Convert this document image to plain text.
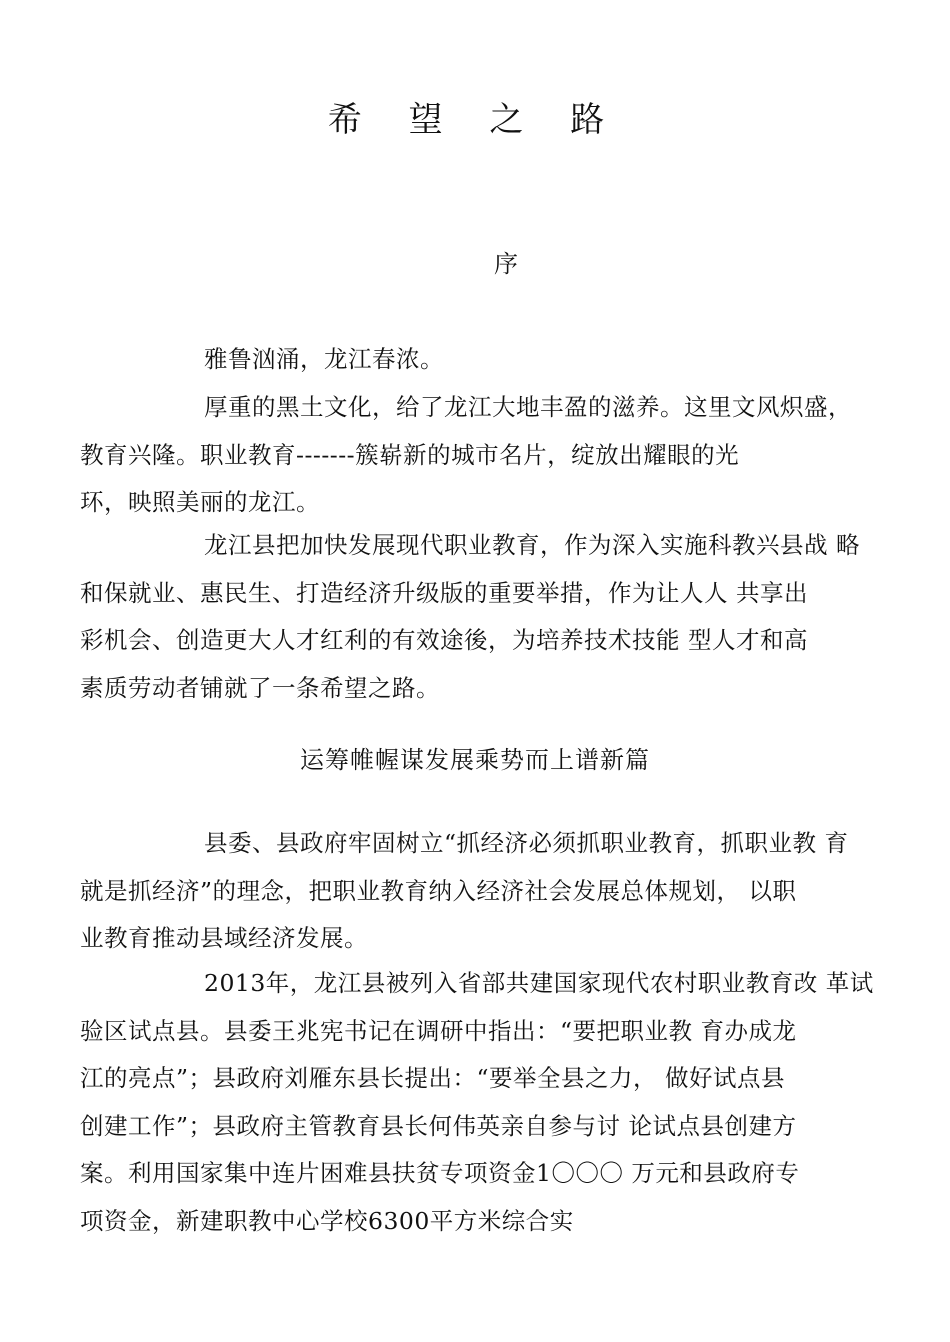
希 望 之 路
序
雅鲁汹涌，龙江春浓。
厚重的黑土文化，给了龙江大地丰盈的滋养。这里文风炽盛，
教育兴隆。职业教育-------簇崭新的城市名片，绽放出耀眼的光
环，映照美丽的龙江。
龙江县把加快发展现代职业教育，作为深入实施科教兴县战 略
和保就业、惠民生、打造经济升级版的重要举措，作为让人人 共享出
彩机会、创造更大人才红利的有效途後，为培养技术技能 型人才和高
素质劳动者铺就了一条希望之路。
运筹帷幄谋发展乘势而上谱新篇
县委、县政府牢固树立“抓经济必须抓职业教育，抓职业教 育
就是抓经济”的理念，把职业教育纳入经济社会发展总体规划， 以职
业教育推动县域经济发展。
2013年，龙江县被列入省部共建国家现代农村职业教育改 革试
验区试点县。县委王兆宪书记在调研中指出：“要把职业教 育办成龙
江的亮点”；县政府刘雁东县长提出：“要举全县之力， 做好试点县
创建工作”；县政府主管教育县长何伟英亲自参与讨 论试点县创建方
案。利用国家集中连片困难县扶贫专项资金1〇〇〇 万元和县政府专
项资金，新建职教中心学校6300平方米综合实
